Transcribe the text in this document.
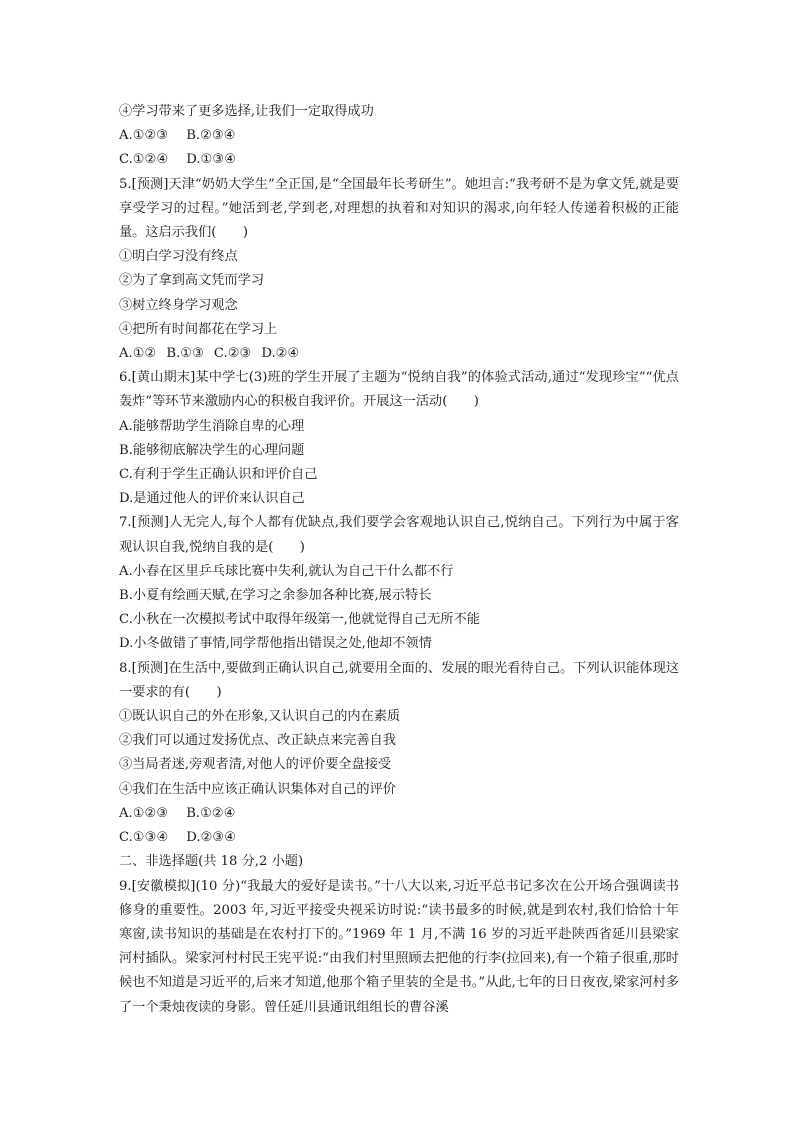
④学习带来了更多选择,让我们一定取得成功
A.①②③ B.②③④
C.①②④ D.①③④
5.[预测]天津“奶奶大学生”全正国,是“全国最年长考研生”。她坦言:“我考研不是为拿文凭,就是要享受学习的过程。”她活到老,学到老,对理想的执着和对知识的渴求,向年轻人传递着积极的正能量。这启示我们(　　)
①明白学习没有终点
②为了拿到高文凭而学习
③树立终身学习观念
④把所有时间都花在学习上
A.①② B.①③ C.②③ D.②④
6.[黄山期末]某中学七(3)班的学生开展了主题为“悦纳自我”的体验式活动,通过“发现珍宝”“优点轰炸”等环节来激励内心的积极自我评价。开展这一活动(　　)
A.能够帮助学生消除自卑的心理
B.能够彻底解决学生的心理问题
C.有利于学生正确认识和评价自己
D.是通过他人的评价来认识自己
7.[预测]人无完人,每个人都有优缺点,我们要学会客观地认识自己,悦纳自己。下列行为中属于客观认识自我,悦纳自我的是(　　)
A.小春在区里乒乓球比赛中失利,就认为自己干什么都不行
B.小夏有绘画天赋,在学习之余参加各种比赛,展示特长
C.小秋在一次模拟考试中取得年级第一,他就觉得自己无所不能
D.小冬做错了事情,同学帮他指出错误之处,他却不领情
8.[预测]在生活中,要做到正确认识自己,就要用全面的、发展的眼光看待自己。下列认识能体现这一要求的有(　　)
①既认识自己的外在形象,又认识自己的内在素质
②我们可以通过发扬优点、改正缺点来完善自我
③当局者迷,旁观者清,对他人的评价要全盘接受
④我们在生活中应该正确认识集体对自己的评价
A.①②③ B.①②④
C.①③④ D.②③④
二、非选择题(共 18 分,2 小题)
9.[安徽模拟](10 分)“我最大的爱好是读书。”十八大以来,习近平总书记多次在公开场合强调读书修身的重要性。2003 年,习近平接受央视采访时说:“读书最多的时候,就是到农村,我们恰恰十年寒窗,读书知识的基础是在农村打下的。”1969 年 1 月,不满 16 岁的习近平赴陕西省延川县梁家河村插队。梁家河村村民王宪平说:“由我们村里照顾去把他的行李(拉回来),有一个箱子很重,那时候也不知道是习近平的,后来才知道,他那个箱子里装的全是书。”从此,七年的日日夜夜,梁家河村多了一个秉烛夜读的身影。曾任延川县通讯组组长的曹谷溪
